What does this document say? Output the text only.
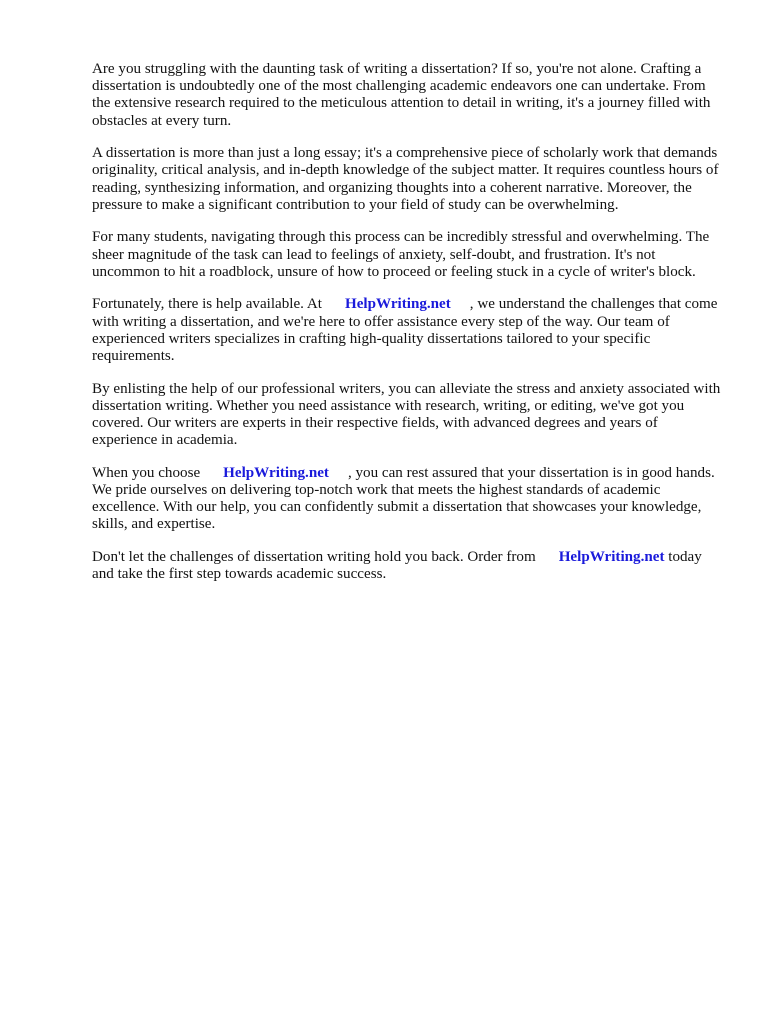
Are you struggling with the daunting task of writing a dissertation? If so, you're not alone. Crafting a dissertation is undoubtedly one of the most challenging academic endeavors one can undertake. From the extensive research required to the meticulous attention to detail in writing, it's a journey filled with obstacles at every turn.

A dissertation is more than just a long essay; it's a comprehensive piece of scholarly work that demands originality, critical analysis, and in-depth knowledge of the subject matter. It requires countless hours of reading, synthesizing information, and organizing thoughts into a coherent narrative. Moreover, the pressure to make a significant contribution to your field of study can be overwhelming.

For many students, navigating through this process can be incredibly stressful and overwhelming. The sheer magnitude of the task can lead to feelings of anxiety, self-doubt, and frustration. It's not uncommon to hit a roadblock, unsure of how to proceed or feeling stuck in a cycle of writer's block.

Fortunately, there is help available. At HelpWriting.net , we understand the challenges that come with writing a dissertation, and we're here to offer assistance every step of the way. Our team of experienced writers specializes in crafting high-quality dissertations tailored to your specific requirements.

By enlisting the help of our professional writers, you can alleviate the stress and anxiety associated with dissertation writing. Whether you need assistance with research, writing, or editing, we've got you covered. Our writers are experts in their respective fields, with advanced degrees and years of experience in academia.

When you choose HelpWriting.net , you can rest assured that your dissertation is in good hands. We pride ourselves on delivering top-notch work that meets the highest standards of academic excellence. With our help, you can confidently submit a dissertation that showcases your knowledge, skills, and expertise.

Don't let the challenges of dissertation writing hold you back. Order from HelpWriting.net today and take the first step towards academic success.
